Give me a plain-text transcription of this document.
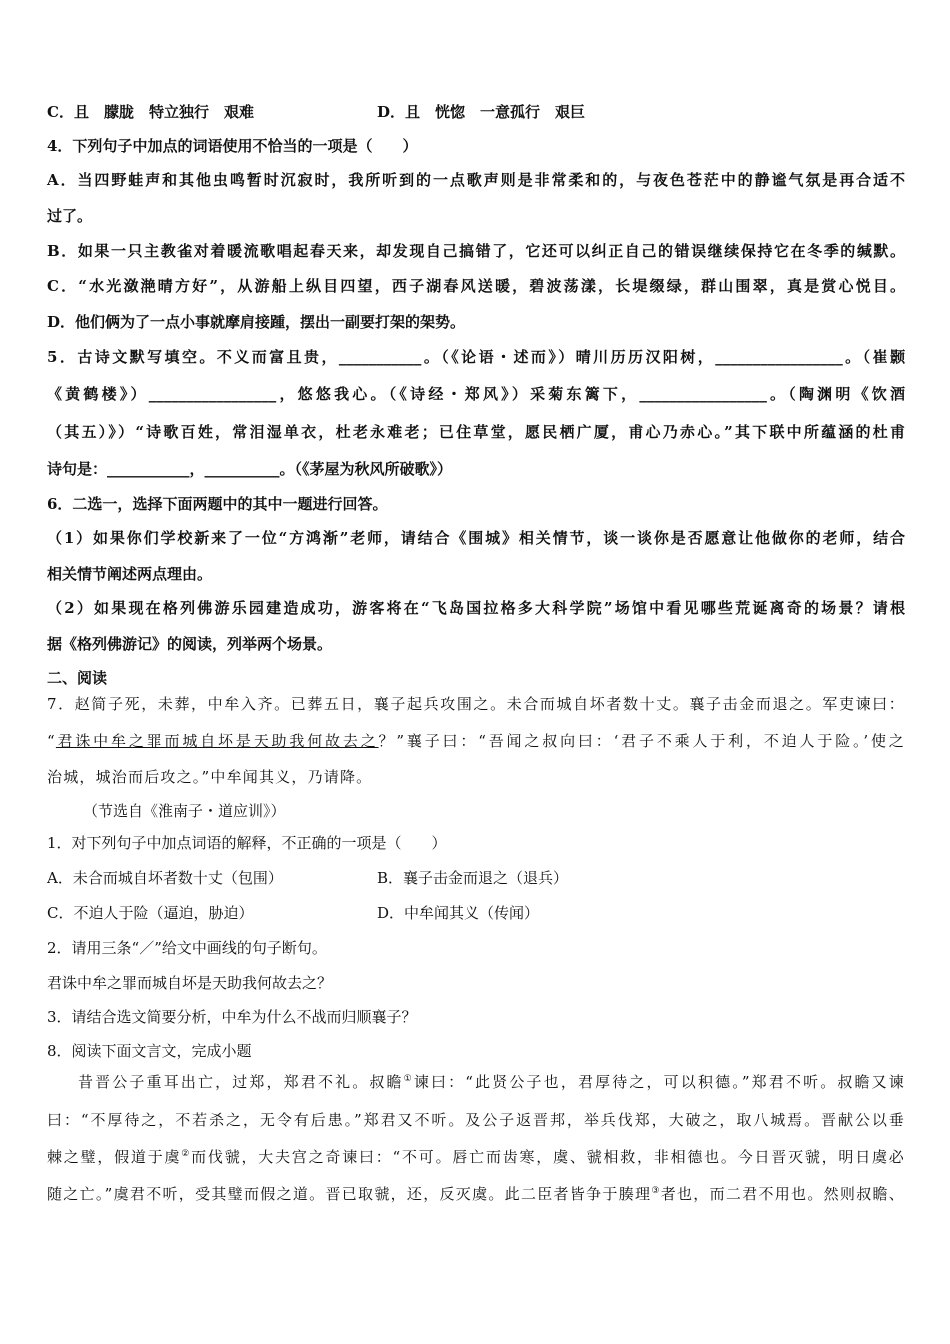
C．且　朦胧　特立独行　艰难	D．且　恍惚　一意孤行　艰巨
4．下列句子中加点的词语使用不恰当的一项是（　　）
A．当四野蛙声和其他虫鸣暂时沉寂时，我所听到的一点歌声则是非常柔和的，与夜色苍茫中的静谧气氛是再合适不
过了。
B．如果一只主教雀对着暖流歌唱起春天来，却发现自己搞错了，它还可以纠正自己的错误继续保持它在冬季的缄默。
C．“水光潋滟晴方好”，从游船上纵目四望，西子湖春风送暖，碧波荡漾，长堤缀绿，群山围翠，真是赏心悦目。
D．他们俩为了一点小事就摩肩接踵，摆出一副要打架的架势。
5．古诗文默写填空。不义而富且贵，___________。（《论语・述而》）晴川历历汉阳树，_________________。（崔颢
《黄鹤楼》）_________________，悠悠我心。（《诗经・郑风》）采菊东篱下，_________________。（陶渊明《饮酒
（其五）》）“诗歌百姓，常泪湿单衣，杜老永难老；已住草堂，愿民栖广厦，甫心乃赤心。”其下联中所蕴涵的杜甫
诗句是：___________，__________。（《茅屋为秋风所破歌》）
6．二选一，选择下面两题中的其中一题进行回答。
（1）如果你们学校新来了一位“方鸿渐”老师，请结合《围城》相关情节，谈一谈你是否愿意让他做你的老师，结合
相关情节阐述两点理由。
（2）如果现在格列佛游乐园建造成功，游客将在“飞岛国拉格多大科学院”场馆中看见哪些荒诞离奇的场景？请根
据《格列佛游记》的阅读，列举两个场景。
二、阅读
7．赵简子死，未葬，中牟入齐。已葬五日，襄子起兵攻围之。未合而城自坏者数十丈。襄子击金而退之。军吏谏曰：
“君诛中牟之罪而城自坏是天助我何故去之？”襄子曰：“吾闻之叔向曰：‘君子不乘人于利，不迫人于险。’使之
治城，城治而后攻之。”中牟闻其义，乃请降。
（节选自《淮南子・道应训》）
1．对下列句子中加点词语的解释，不正确的一项是（　　）
A．未合而城自坏者数十丈（包围）	B．襄子击金而退之（退兵）
C．不迫人于险（逼迫，胁迫）	D．中牟闻其义（传闻）
2．请用三条“／”给文中画线的句子断句。
君诛中牟之罪而城自坏是天助我何故去之？
3．请结合选文简要分析，中牟为什么不战而归顺襄子？
8．阅读下面文言文，完成小题
昔晋公子重耳出亡，过郑，郑君不礼。叔瞻①谏曰：“此贤公子也，君厚待之，可以积德。”郑君不听。叔瞻又谏
曰：“不厚待之，不若杀之，无令有后患。”郑君又不听。及公子返晋邦，举兵伐郑，大破之，取八城焉。晋献公以垂
棘之璧，假道于虞②而伐虢，大夫宫之奇谏曰：“不可。唇亡而齿寒，虞、虢相救，非相德也。今日晋灭虢，明日虞必
随之亡。”虞君不听，受其璧而假之道。晋已取虢，还，反灭虞。此二臣者皆争于腠理③者也，而二君不用也。然则叔瞻、
